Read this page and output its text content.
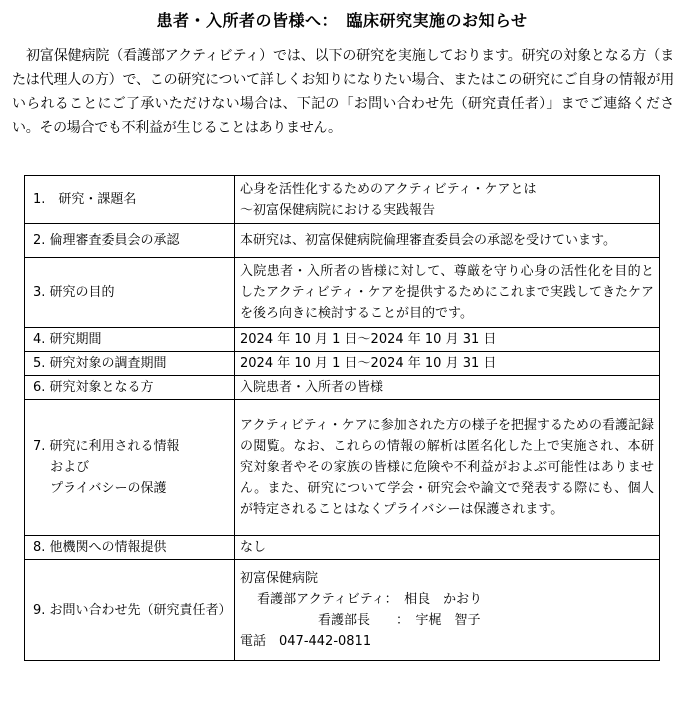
患者・入所者の皆様へ：　臨床研究実施のお知らせ
初富保健病院（看護部アクティビティ）では、以下の研究を実施しております。研究の対象となる方（または代理人の方）で、この研究について詳しくお知りになりたい場合、またはこの研究にご自身の情報が用いられることにご了承いただけない場合は、下記の「お問い合わせ先（研究責任者）」までご連絡ください。その場合でも不利益が生じることはありません。
1.　研究・課題名	心身を活性化するためのアクティビティ・ケアとは
～初富保健病院における実践報告

2. 倫理審査委員会の承認	本研究は、初富保健病院倫理審査委員会の承認を受けています。
3. 研究の目的	入院患者・入所者の皆様に対して、尊厳を守り心身の活性化を目的としたアクティビティ・ケアを提供するためにこれまで実践してきたケアを後ろ向きに検討することが目的です。
4. 研究期間	2024 年 10 月 1 日～2024 年 10 月 31 日
5. 研究対象の調査期間	2024 年 10 月 1 日～2024 年 10 月 31 日
6. 研究対象となる方	入院患者・入所者の皆様

7. 研究に利用される情報
　 および
　 プライバシーの保護	アクティビティ・ケアに参加された方の様子を把握するための看護記録の閲覧。なお、これらの情報の解析は匿名化した上で実施され、本研究対象者やその家族の皆様に危険や不利益がおよぶ可能性はありません。また、研究について学会・研究会や論文で発表する際にも、個人が特定されることはなくプライバシーは保護されます。
8. 他機関への情報提供	なし
9. お問い合わせ先（研究責任者）	初富保健病院
　 看護部アクティビティ：　相良　かおり
　　　　　　看護部長　　：　宇梶　智子
電話　047-442-0811
